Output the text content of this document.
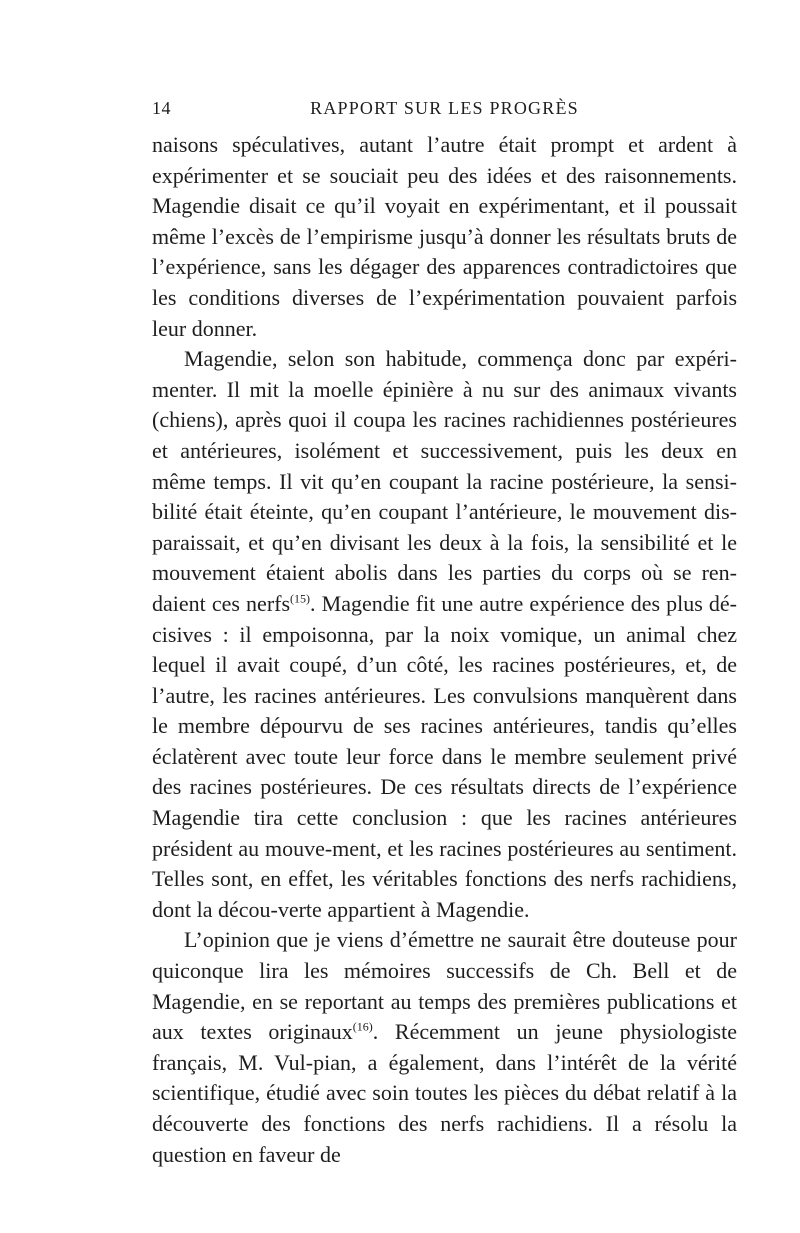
14	RAPPORT SUR LES PROGRÈS

naisons spéculatives, autant l’autre était prompt et ardent à expérimenter et se souciait peu des idées et des raisonnements. Magendie disait ce qu’il voyait en expérimentant, et il poussait même l’excès de l’empirisme jusqu’à donner les résultats bruts de l’expérience, sans les dégager des apparences contradictoires que les conditions diverses de l’expérimentation pouvaient parfois leur donner.

Magendie, selon son habitude, commença donc par expéri-menter. Il mit la moelle épinière à nu sur des animaux vivants (chiens), après quoi il coupa les racines rachidiennes postérieures et antérieures, isolément et successivement, puis les deux en même temps. Il vit qu’en coupant la racine postérieure, la sensi-bilité était éteinte, qu’en coupant l’antérieure, le mouvement dis-paraissait, et qu’en divisant les deux à la fois, la sensibilité et le mouvement étaient abolis dans les parties du corps où se ren-daient ces nerfs$^{(15)}$. Magendie fit une autre expérience des plus dé-cisives : il empoisonna, par la noix vomique, un animal chez lequel il avait coupé, d’un côté, les racines postérieures, et, de l’autre, les racines antérieures. Les convulsions manquèrent dans le membre dépourvu de ses racines antérieures, tandis qu’elles éclatèrent avec toute leur force dans le membre seulement privé des racines postérieures. De ces résultats directs de l’expérience Magendie tira cette conclusion : que les racines antérieures président au mouve-ment, et les racines postérieures au sentiment. Telles sont, en effet, les véritables fonctions des nerfs rachidiens, dont la décou-verte appartient à Magendie.

L’opinion que je viens d’émettre ne saurait être douteuse pour quiconque lira les mémoires successifs de Ch. Bell et de Magendie, en se reportant au temps des premières publications et aux textes originaux$^{(16)}$. Récemment un jeune physiologiste français, M. Vul-pian, a également, dans l’intérêt de la vérité scientifique, étudié avec soin toutes les pièces du débat relatif à la découverte des fonctions des nerfs rachidiens. Il a résolu la question en faveur de
